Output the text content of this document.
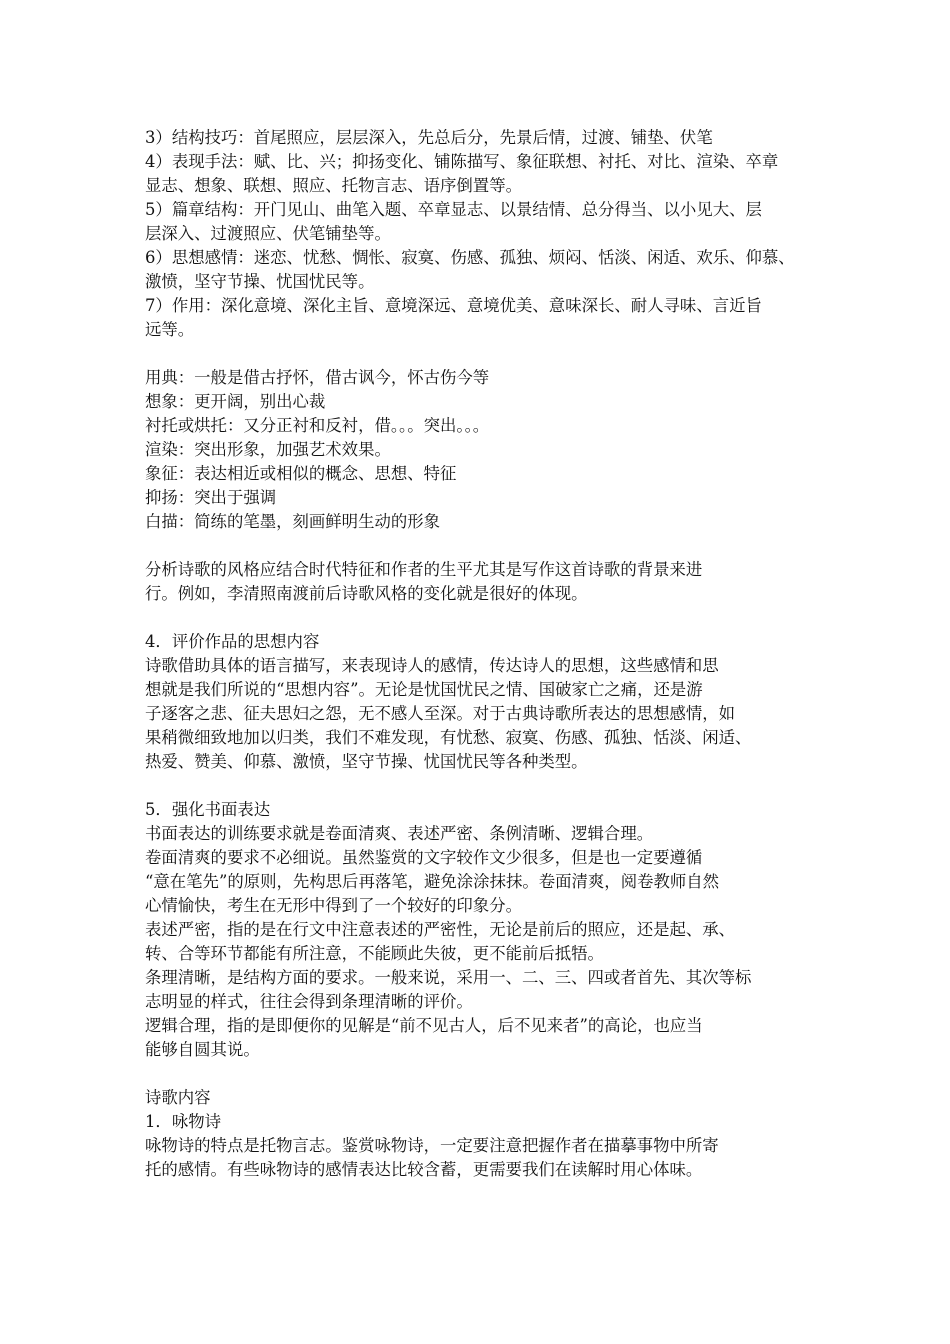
3）结构技巧：首尾照应，层层深入，先总后分，先景后情，过渡、铺垫、伏笔
4）表现手法：赋、比、兴；抑扬变化、铺陈描写、象征联想、衬托、对比、渲染、卒章
显志、想象、联想、照应、托物言志、语序倒置等。
5）篇章结构：开门见山、曲笔入题、卒章显志、以景结情、总分得当、以小见大、层
层深入、过渡照应、伏笔铺垫等。
6）思想感情：迷恋、忧愁、惆怅、寂寞、伤感、孤独、烦闷、恬淡、闲适、欢乐、仰慕、
激愤，坚守节操、忧国忧民等。
7）作用：深化意境、深化主旨、意境深远、意境优美、意味深长、耐人寻味、言近旨
远等。
用典：一般是借古抒怀，借古讽今，怀古伤今等
想象：更开阔，别出心裁
衬托或烘托：又分正衬和反衬，借。。。突出。。。
渲染：突出形象，加强艺术效果。
象征：表达相近或相似的概念、思想、特征
抑扬：突出于强调
白描：简练的笔墨，刻画鲜明生动的形象
分析诗歌的风格应结合时代特征和作者的生平尤其是写作这首诗歌的背景来进
行。例如，李清照南渡前后诗歌风格的变化就是很好的体现。
4．评价作品的思想内容
诗歌借助具体的语言描写，来表现诗人的感情，传达诗人的思想，这些感情和思
想就是我们所说的“思想内容”。无论是忧国忧民之情、国破家亡之痛，还是游
子逐客之悲、征夫思妇之怨，无不感人至深。对于古典诗歌所表达的思想感情，如
果稍微细致地加以归类，我们不难发现，有忧愁、寂寞、伤感、孤独、恬淡、闲适、
热爱、赞美、仰慕、激愤，坚守节操、忧国忧民等各种类型。
5．强化书面表达
书面表达的训练要求就是卷面清爽、表述严密、条例清晰、逻辑合理。
卷面清爽的要求不必细说。虽然鉴赏的文字较作文少很多，但是也一定要遵循
“意在笔先”的原则，先构思后再落笔，避免涂涂抹抹。卷面清爽，阅卷教师自然
心情愉快，考生在无形中得到了一个较好的印象分。
表述严密，指的是在行文中注意表述的严密性，无论是前后的照应，还是起、承、
转、合等环节都能有所注意，不能顾此失彼，更不能前后抵牾。
条理清晰，是结构方面的要求。一般来说，采用一、二、三、四或者首先、其次等标
志明显的样式，往往会得到条理清晰的评价。
逻辑合理，指的是即便你的见解是“前不见古人，后不见来者”的高论，也应当
能够自圆其说。
诗歌内容
1．咏物诗
咏物诗的特点是托物言志。鉴赏咏物诗，一定要注意把握作者在描摹事物中所寄
托的感情。有些咏物诗的感情表达比较含蓄，更需要我们在读解时用心体味。
